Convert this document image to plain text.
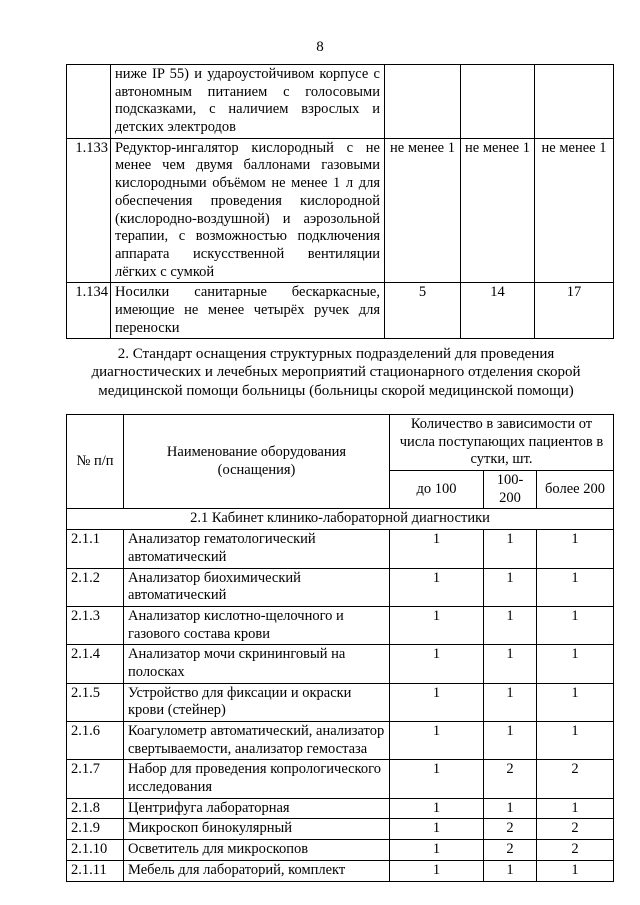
8
	ниже IP 55) и удароустойчивом корпусе с автономным питанием с голосовыми подсказками, с наличием взрослых и детских электродов			
1.133	Редуктор-ингалятор кислородный с не менее чем двумя баллонами газовыми кислородными объёмом не менее 1 л для обеспечения проведения кислородной (кислородно-воздушной) и аэрозольной терапии, с возможностью подключения аппарата искусственной вентиляции лёгких с сумкой	не менее 1	не менее 1	не менее 1
1.134	Носилки санитарные бескаркасные, имеющие не менее четырёх ручек для переноски	5	14	17
2. Стандарт оснащения структурных подразделений для проведения диагностических и лечебных мероприятий стационарного отделения скорой медицинской помощи больницы (больницы скорой медицинской помощи)
№ п/п	Наименование оборудования (оснащения)	Количество в зависимости от числа поступающих пациентов в сутки, шт.		
		до 100	100-200	более 200
2.1 Кабинет клинико-лабораторной диагностики				
2.1.1	Анализатор гематологический автоматический	1	1	1
2.1.2	Анализатор биохимический автоматический	1	1	1
2.1.3	Анализатор кислотно-щелочного и газового состава крови	1	1	1
2.1.4	Анализатор мочи скрининговый на полосках	1	1	1
2.1.5	Устройство для фиксации и окраски крови (стейнер)	1	1	1
2.1.6	Коагулометр автоматический, анализатор свертываемости, анализатор гемостаза	1	1	1
2.1.7	Набор для проведения копрологического исследования	1	2	2
2.1.8	Центрифуга лабораторная	1	1	1
2.1.9	Микроскоп бинокулярный	1	2	2
2.1.10	Осветитель для микроскопов	1	2	2
2.1.11	Мебель для лабораторий, комплект	1	1	1
